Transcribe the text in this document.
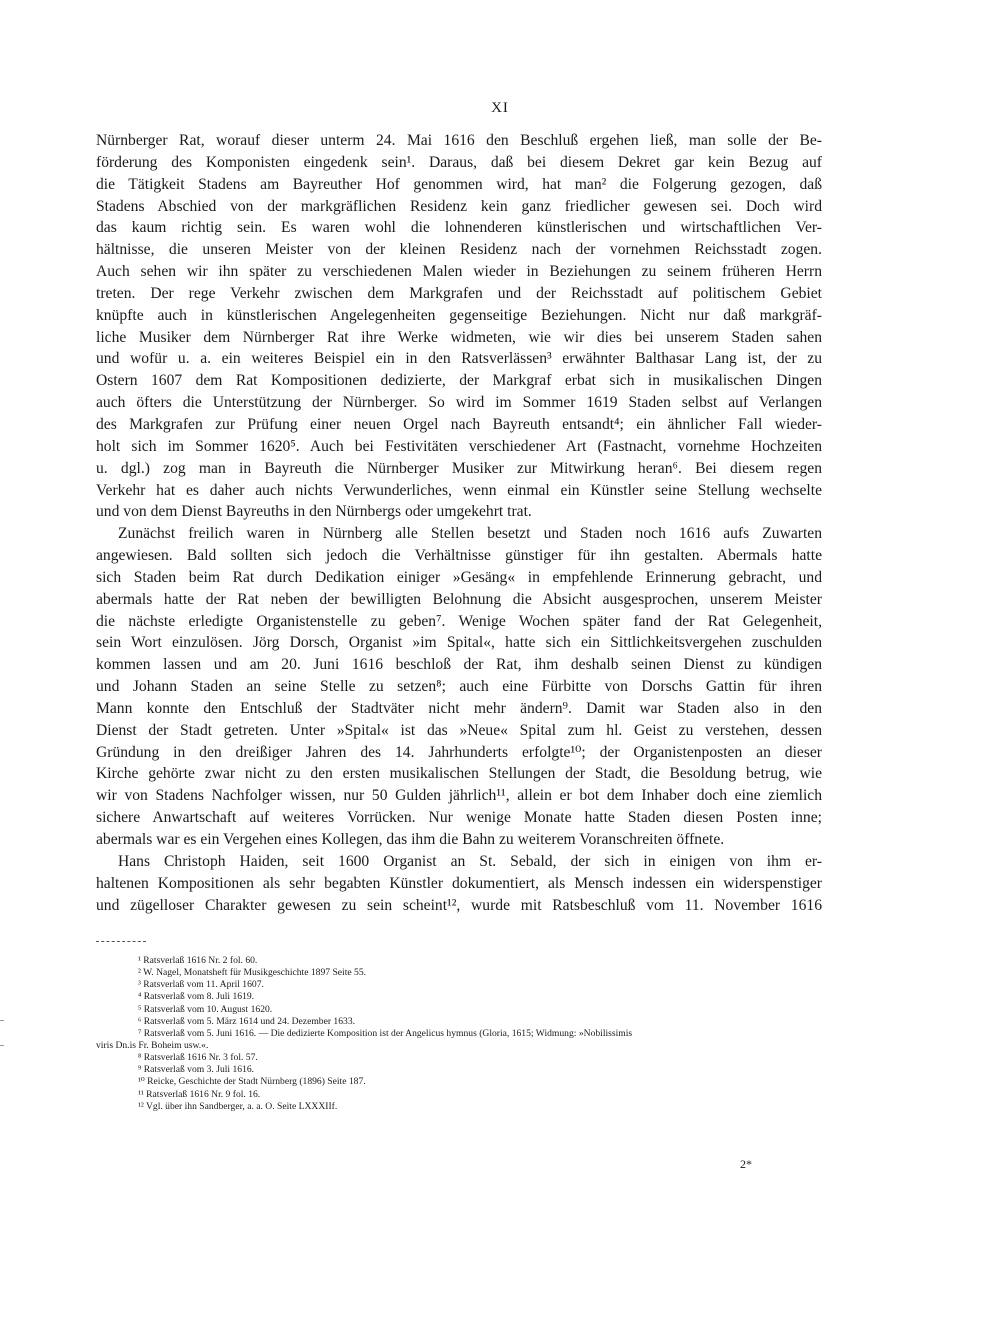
XI
Nürnberger Rat, worauf dieser unterm 24. Mai 1616 den Beschluß ergehen ließ, man solle der Be-
förderung des Komponisten eingedenk sein¹. Daraus, daß bei diesem Dekret gar kein Bezug auf
die Tätigkeit Stadens am Bayreuther Hof genommen wird, hat man² die Folgerung gezogen, daß
Stadens Abschied von der markgräflichen Residenz kein ganz friedlicher gewesen sei. Doch wird
das kaum richtig sein. Es waren wohl die lohnenderen künstlerischen und wirtschaftlichen Ver-
hältnisse, die unseren Meister von der kleinen Residenz nach der vornehmen Reichsstadt zogen.
Auch sehen wir ihn später zu verschiedenen Malen wieder in Beziehungen zu seinem früheren Herrn
treten. Der rege Verkehr zwischen dem Markgrafen und der Reichsstadt auf politischem Gebiet
knüpfte auch in künstlerischen Angelegenheiten gegenseitige Beziehungen. Nicht nur daß markgräf-
liche Musiker dem Nürnberger Rat ihre Werke widmeten, wie wir dies bei unserem Staden sahen
und wofür u. a. ein weiteres Beispiel ein in den Ratsverlässen³ erwähnter Balthasar Lang ist, der zu
Ostern 1607 dem Rat Kompositionen dedizierte, der Markgraf erbat sich in musikalischen Dingen
auch öfters die Unterstützung der Nürnberger. So wird im Sommer 1619 Staden selbst auf Verlangen
des Markgrafen zur Prüfung einer neuen Orgel nach Bayreuth entsandt⁴; ein ähnlicher Fall wieder-
holt sich im Sommer 1620⁵. Auch bei Festivitäten verschiedener Art (Fastnacht, vornehme Hochzeiten
u. dgl.) zog man in Bayreuth die Nürnberger Musiker zur Mitwirkung heran⁶. Bei diesem regen
Verkehr hat es daher auch nichts Verwunderliches, wenn einmal ein Künstler seine Stellung wechselte
und von dem Dienst Bayreuths in den Nürnbergs oder umgekehrt trat.
Zunächst freilich waren in Nürnberg alle Stellen besetzt und Staden noch 1616 aufs Zuwarten
angewiesen. Bald sollten sich jedoch die Verhältnisse günstiger für ihn gestalten. Abermals hatte
sich Staden beim Rat durch Dedikation einiger »Gesäng« in empfehlende Erinnerung gebracht, und
abermals hatte der Rat neben der bewilligten Belohnung die Absicht ausgesprochen, unserem Meister
die nächste erledigte Organistenstelle zu geben⁷. Wenige Wochen später fand der Rat Gelegenheit,
sein Wort einzulösen. Jörg Dorsch, Organist »im Spital«, hatte sich ein Sittlichkeitsvergehen zuschulden
kommen lassen und am 20. Juni 1616 beschloß der Rat, ihm deshalb seinen Dienst zu kündigen
und Johann Staden an seine Stelle zu setzen⁸; auch eine Fürbitte von Dorschs Gattin für ihren
Mann konnte den Entschluß der Stadtväter nicht mehr ändern⁹. Damit war Staden also in den
Dienst der Stadt getreten. Unter »Spital« ist das »Neue« Spital zum hl. Geist zu verstehen, dessen
Gründung in den dreißiger Jahren des 14. Jahrhunderts erfolgte¹⁰; der Organistenposten an dieser
Kirche gehörte zwar nicht zu den ersten musikalischen Stellungen der Stadt, die Besoldung betrug, wie
wir von Stadens Nachfolger wissen, nur 50 Gulden jährlich¹¹, allein er bot dem Inhaber doch eine ziemlich
sichere Anwartschaft auf weiteres Vorrücken. Nur wenige Monate hatte Staden diesen Posten inne;
abermals war es ein Vergehen eines Kollegen, das ihm die Bahn zu weiterem Voranschreiten öffnete.
Hans Christoph Haiden, seit 1600 Organist an St. Sebald, der sich in einigen von ihm er-
haltenen Kompositionen als sehr begabten Künstler dokumentiert, als Mensch indessen ein widerspenstiger
und zügelloser Charakter gewesen zu sein scheint¹², wurde mit Ratsbeschluß vom 11. November 1616
¹ Ratsverlaß 1616 Nr. 2 fol. 60.
² W. Nagel, Monatsheft für Musikgeschichte 1897 Seite 55.
³ Ratsverlaß vom 11. April 1607.
⁴ Ratsverlaß vom 8. Juli 1619.
⁵ Ratsverlaß vom 10. August 1620.
⁶ Ratsverlaß vom 5. März 1614 und 24. Dezember 1633.
⁷ Ratsverlaß vom 5. Juni 1616. — Die dedizierte Komposition ist der Angelicus hymnus (Gloria, 1615; Widmung: »Nobilissimis
viris Dn.is Fr. Boheim usw.«.
⁸ Ratsverlaß 1616 Nr. 3 fol. 57.
⁹ Ratsverlaß vom 3. Juli 1616.
¹⁰ Reicke, Geschichte der Stadt Nürnberg (1896) Seite 187.
¹¹ Ratsverlaß 1616 Nr. 9 fol. 16.
¹² Vgl. über ihn Sandberger, a. a. O. Seite LXXXIIf.
2*
